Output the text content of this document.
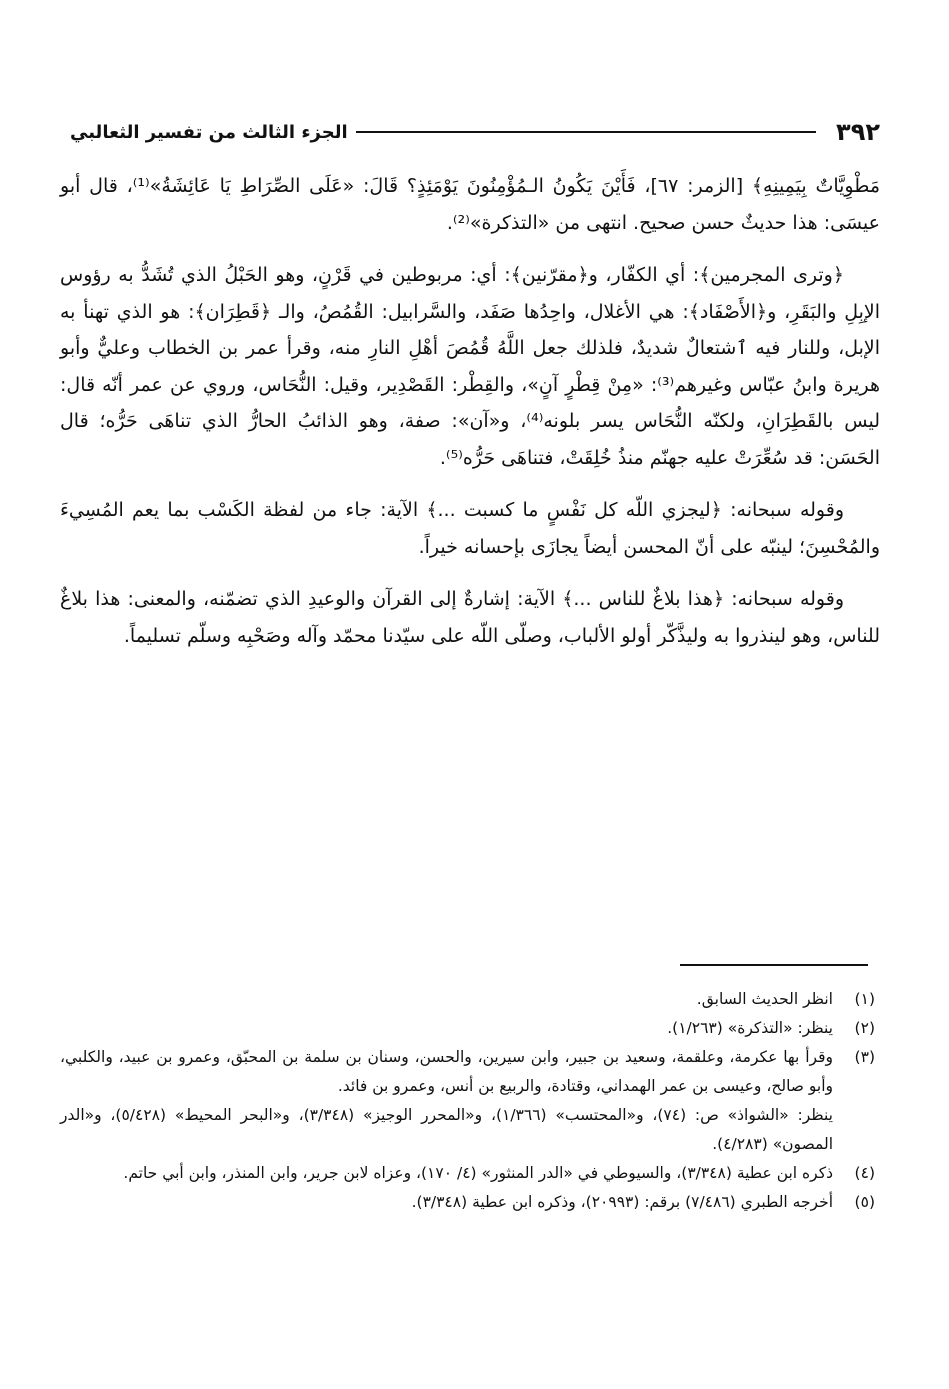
٣٩٢
الجزء الثالث من تفسير الثعالبي

مَطْوِيَّاتٌ بِيَمِينِهِ﴾ [الزمر: ٦٧]، فَأَيْنَ يَكُونُ الـمُؤْمِنُونَ يَوْمَئِذٍ؟ قَالَ: «عَلَى الصِّرَاطِ يَا عَائِشَةُ»⁽¹⁾، قال أبو عيسَى: هذا حديثٌ حسن صحيح. انتهى من «التذكرة»⁽²⁾.

﴿وترى المجرمين﴾: أي الكفّار، و﴿مقرّنين﴾: أي: مربوطين في قَرْنٍ، وهو الحَبْلُ الذي تُشَدُّ به رؤوس الإبِلِ والبَقَرِ، و﴿الأَصْفَاد﴾: هي الأغلال، واحِدُها صَفَد، والسَّرابيل: القُمُصُ، والـ ﴿قَطِرَان﴾: هو الذي تهنأ به الإبل، وللنار فيه ٱشتعالٌ شديدٌ، فلذلك جعل اللَّهُ قُمُصَ أهْلِ النارِ منه، وقرأ عمر بن الخطاب وعليٌّ وأبو هريرة وابنُ عبّاس وغيرهم⁽³⁾: «مِنْ قِطْرٍ آنٍ»، والقِطْر: القَصْدِير، وقيل: النُّحَاس، وروي عن عمر أنّه قال: ليس بالقَطِرَانِ، ولكنّه النُّحَاس يسر بلونه⁽⁴⁾، و«آن»: صفة، وهو الذائبُ الحارُّ الذي تناهَى حَرُّه؛ قال الحَسَن: قد سُعِّرَتْ عليه جهنّم منذُ خُلِقَتْ، فتناهَى حَرُّه⁽⁵⁾.

وقوله سبحانه: ﴿ليجزي اللّه كل نَفْسٍ ما كسبت ...﴾ الآية: جاء من لفظة الكَسْب بما يعم المُسِيءَ والمُحْسِنَ؛ لينبّه على أنّ المحسن أيضاً يجازَى بإحسانه خيراً.

وقوله سبحانه: ﴿هذا بلاغٌ للناس ...﴾ الآية: إشارةٌ إلى القرآن والوعيدِ الذي تضمّنه، والمعنى: هذا بلاغٌ للناس، وهو لينذروا به وليذَّكّر أولو الألباب، وصلّى اللّه على سيّدنا محمّد وآله وصَحْبِه وسلّم تسليماً.

(١)
انظر الحديث السابق.
(٢)
ينظر: «التذكرة» (١/٢٦٣).
(٣)
وقرأ بها عكرمة، وعلقمة، وسعيد بن جبير، وابن سيرين، والحسن، وسنان بن سلمة بن المحبّق، وعمرو بن عبيد، والكلبي، وأبو صالح، وعيسى بن عمر الهمداني، وقتادة، والربيع بن أنس، وعمرو بن فائد.
ينظر: «الشواذ» ص: (٧٤)، و«المحتسب» (١/٣٦٦)، و«المحرر الوجيز» (٣/٣٤٨)، و«البحر المحيط» (٥/٤٢٨)، و«الدر المصون» (٤/٢٨٣).
(٤)
ذكره ابن عطية (٣/٣٤٨)، والسيوطي في «الدر المنثور» (٤/ ١٧٠)، وعزاه لابن جرير، وابن المنذر، وابن أبي حاتم.
(٥)
أخرجه الطبري (٧/٤٨٦) برقم: (٢٠٩٩٣)، وذكره ابن عطية (٣/٣٤٨).
